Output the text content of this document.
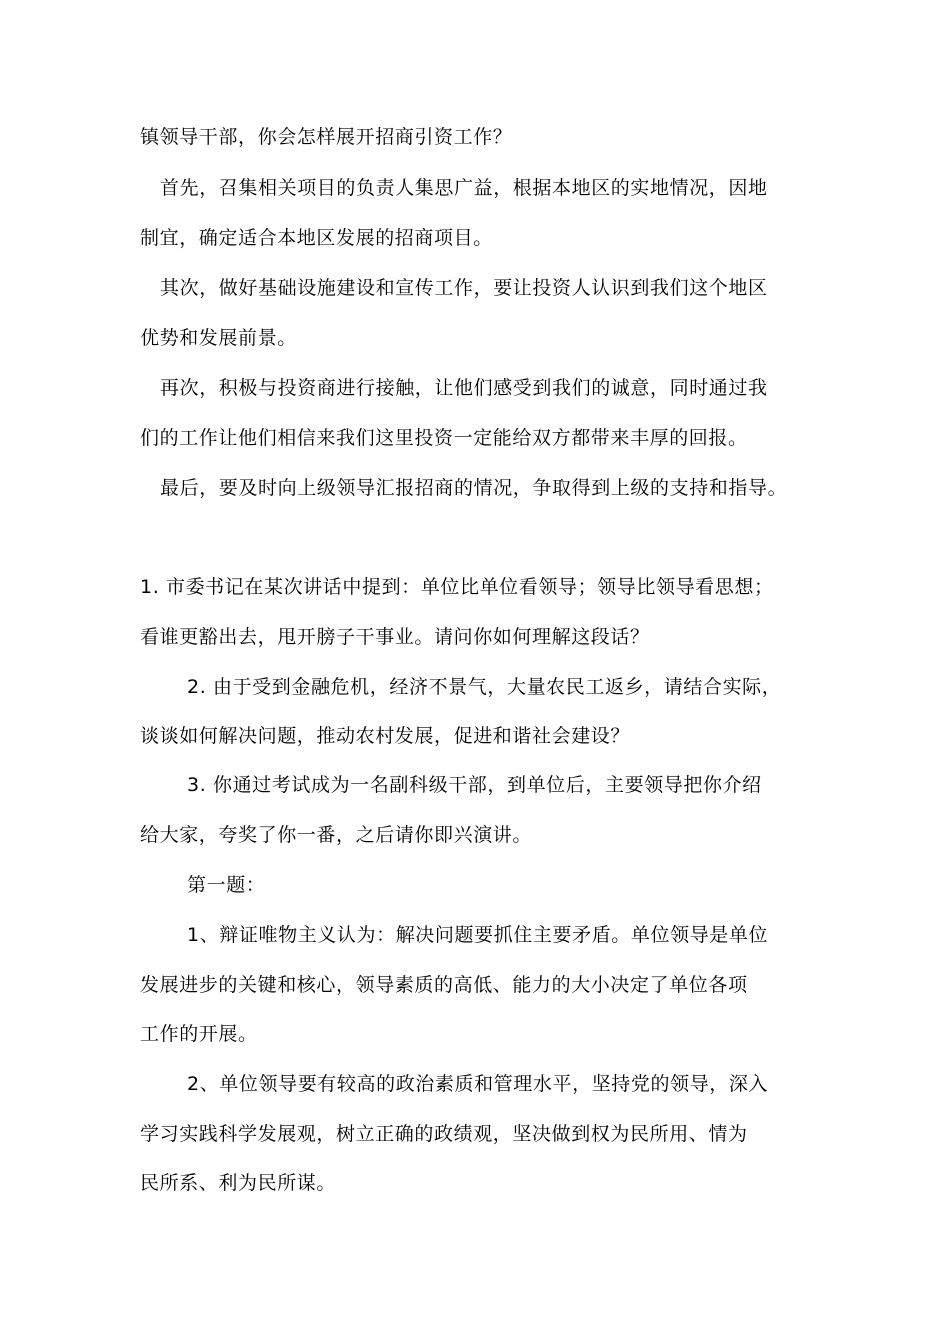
镇领导干部，你会怎样展开招商引资工作？
首先，召集相关项目的负责人集思广益，根据本地区的实地情况，因地
制宜，确定适合本地区发展的招商项目。
其次，做好基础设施建设和宣传工作，要让投资人认识到我们这个地区
优势和发展前景。
再次，积极与投资商进行接触，让他们感受到我们的诚意，同时通过我
们的工作让他们相信来我们这里投资一定能给双方都带来丰厚的回报。
最后，要及时向上级领导汇报招商的情况，争取得到上级的支持和指导。
1. 市委书记在某次讲话中提到：单位比单位看领导；领导比领导看思想；
看谁更豁出去，甩开膀子干事业。请问你如何理解这段话？
2. 由于受到金融危机，经济不景气，大量农民工返乡，请结合实际，
谈谈如何解决问题，推动农村发展，促进和谐社会建设？
3. 你通过考试成为一名副科级干部，到单位后，主要领导把你介绍
给大家，夸奖了你一番，之后请你即兴演讲。
第一题：
1、辩证唯物主义认为：解决问题要抓住主要矛盾。单位领导是单位
发展进步的关键和核心，领导素质的高低、能力的大小决定了单位各项
工作的开展。
2、单位领导要有较高的政治素质和管理水平，坚持党的领导，深入
学习实践科学发展观，树立正确的政绩观，坚决做到权为民所用、情为
民所系、利为民所谋。
